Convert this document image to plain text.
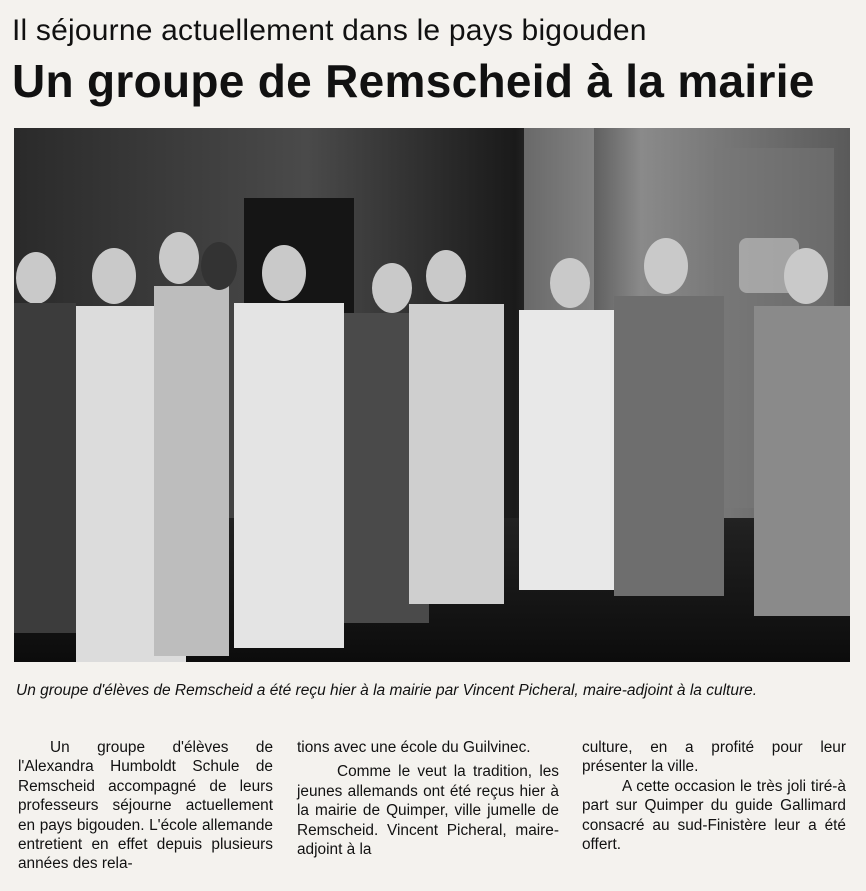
Il séjourne actuellement dans le pays bigouden
Un groupe de Remscheid à la mairie
Un groupe d'élèves de Remscheid a été reçu hier à la mairie par Vincent Picheral, maire-adjoint à la culture.

Un groupe d'élèves de l'Alexandra Humboldt Schule de Remscheid accompagné de leurs professeurs séjourne actuellement en pays bigouden. L'école allemande entretient en effet depuis plusieurs années des rela-

tions avec une école du Guilvinec.

Comme le veut la tradition, les jeunes allemands ont été reçus hier à la mairie de Quimper, ville jumelle de Remscheid. Vincent Picheral, maire-adjoint à la

culture, en a profité pour leur présenter la ville.

A cette occasion le très joli tiré-à part sur Quimper du guide Gallimard consacré au sud-Finistère leur a été offert.
